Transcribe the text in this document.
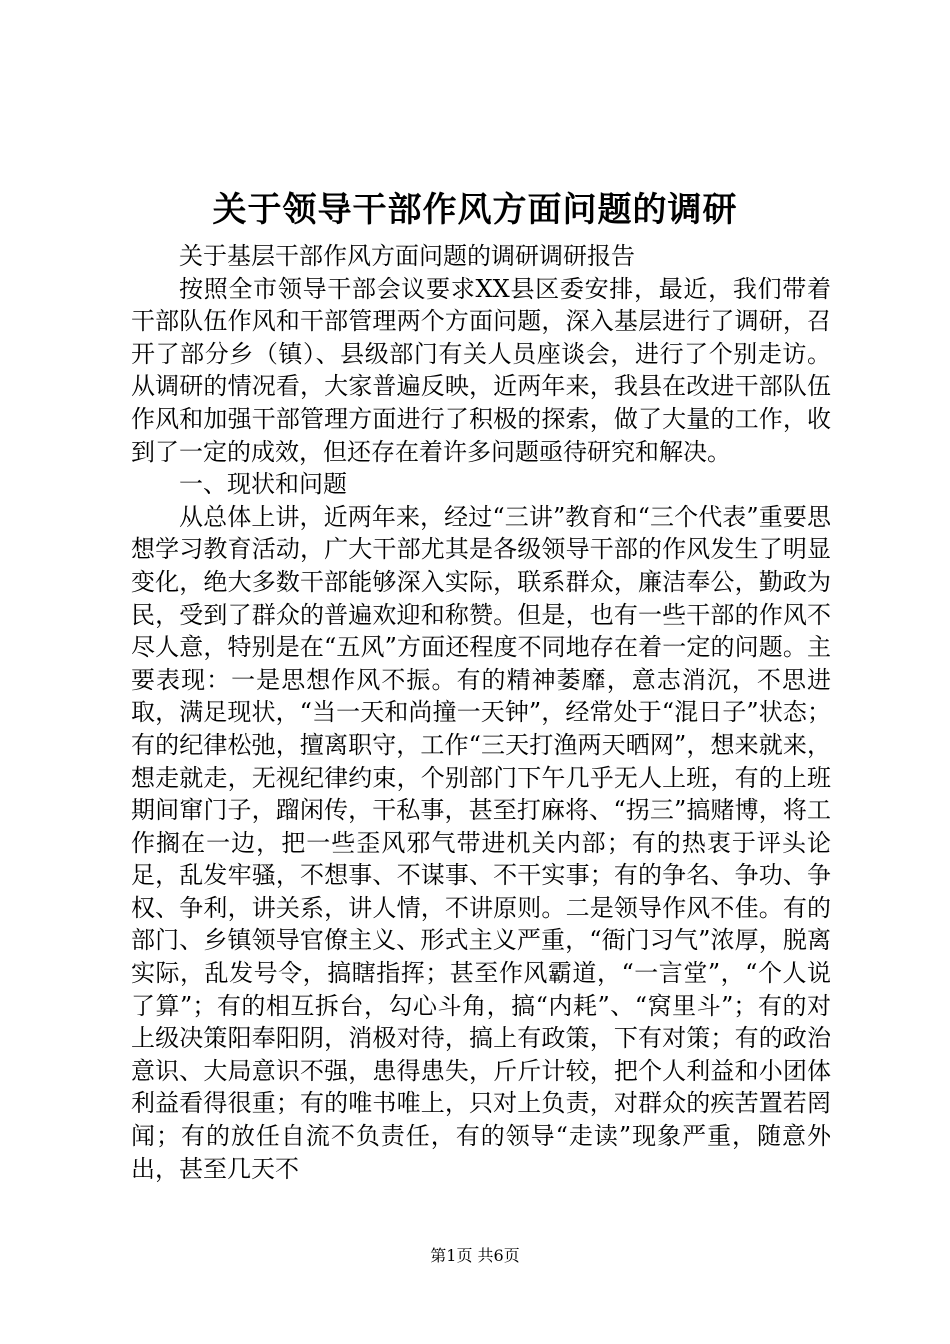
关于领导干部作风方面问题的调研

关于基层干部作风方面问题的调研调研报告

按照全市领导干部会议要求XX县区委安排，最近，我们带着干部队伍作风和干部管理两个方面问题，深入基层进行了调研，召开了部分乡（镇）、县级部门有关人员座谈会，进行了个别走访。从调研的情况看，大家普遍反映，近两年来，我县在改进干部队伍作风和加强干部管理方面进行了积极的探索，做了大量的工作，收到了一定的成效，但还存在着许多问题亟待研究和解决。

一、现状和问题

从总体上讲，近两年来，经过“三讲”教育和“三个代表”重要思想学习教育活动，广大干部尤其是各级领导干部的作风发生了明显变化，绝大多数干部能够深入实际，联系群众，廉洁奉公，勤政为民，受到了群众的普遍欢迎和称赞。但是，也有一些干部的作风不尽人意，特别是在“五风”方面还程度不同地存在着一定的问题。主要表现：一是思想作风不振。有的精神萎靡，意志消沉，不思进取，满足现状，“当一天和尚撞一天钟”，经常处于“混日子”状态；有的纪律松弛，擅离职守，工作“三天打渔两天晒网”，想来就来，想走就走，无视纪律约束，个别部门下午几乎无人上班，有的上班期间窜门子，蹓闲传，干私事，甚至打麻将、“拐三”搞赌博，将工作搁在一边，把一些歪风邪气带进机关内部；有的热衷于评头论足，乱发牢骚，不想事、不谋事、不干实事；有的争名、争功、争权、争利，讲关系，讲人情，不讲原则。二是领导作风不佳。有的部门、乡镇领导官僚主义、形式主义严重，“衙门习气”浓厚，脱离实际，乱发号令，搞瞎指挥；甚至作风霸道，“一言堂”，“个人说了算”；有的相互拆台，勾心斗角，搞“内耗”、“窝里斗”；有的对上级决策阳奉阳阴，消极对待，搞上有政策，下有对策；有的政治意识、大局意识不强，患得患失，斤斤计较，把个人利益和小团体利益看得很重；有的唯书唯上，只对上负责，对群众的疾苦置若罔闻；有的放任自流不负责任，有的领导“走读”现象严重，随意外出，甚至几天不

第1页 共6页
